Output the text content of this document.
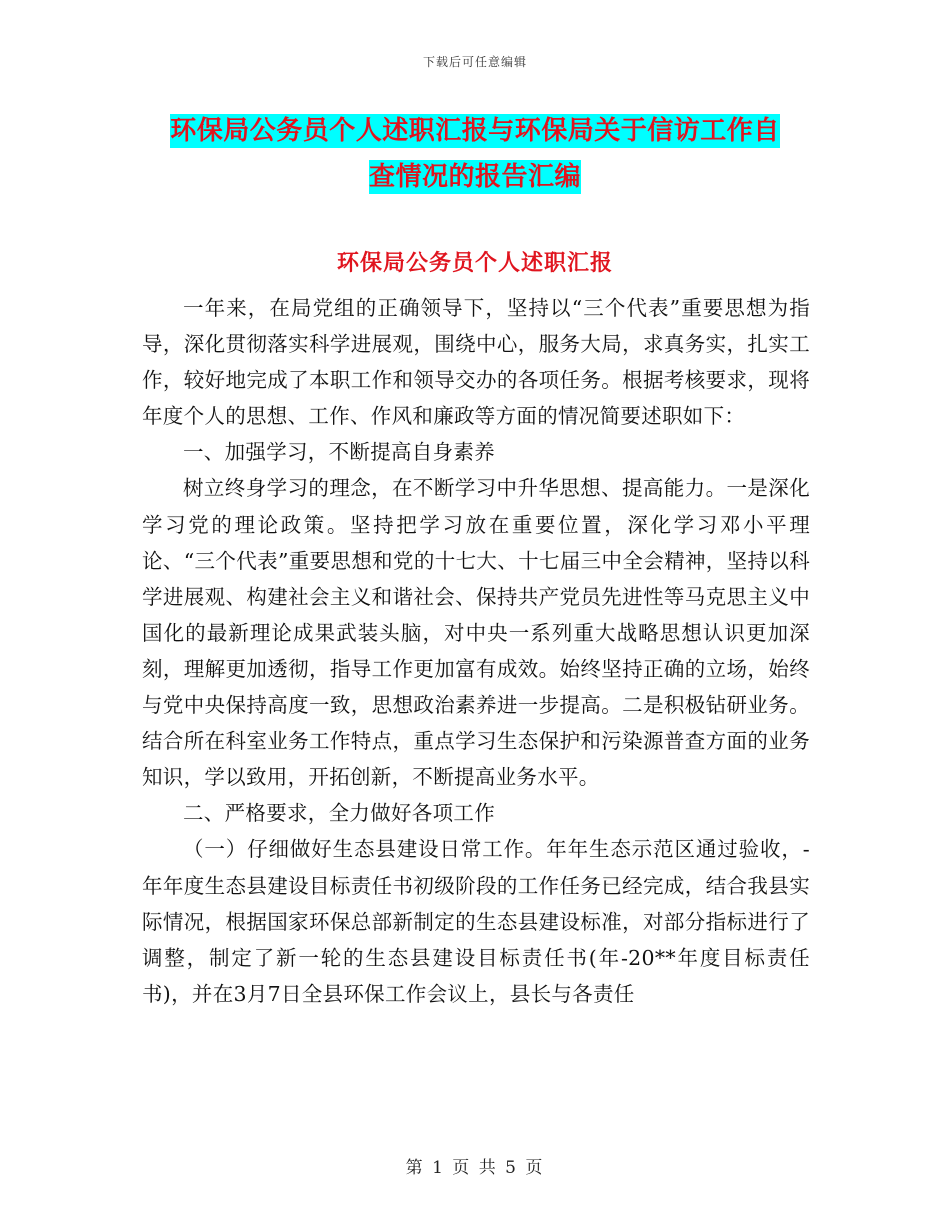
下载后可任意编辑
环保局公务员个人述职汇报与环保局关于信访工作自
查情况的报告汇编
环保局公务员个人述职汇报

一年来，在局党组的正确领导下，坚持以“三个代表”重要思想为指导，深化贯彻落实科学进展观，围绕中心，服务大局，求真务实，扎实工作，较好地完成了本职工作和领导交办的各项任务。根据考核要求，现将年度个人的思想、工作、作风和廉政等方面的情况简要述职如下：

一、加强学习，不断提高自身素养

树立终身学习的理念，在不断学习中升华思想、提高能力。一是深化学习党的理论政策。坚持把学习放在重要位置，深化学习邓小平理论、“三个代表”重要思想和党的十七大、十七届三中全会精神，坚持以科学进展观、构建社会主义和谐社会、保持共产党员先进性等马克思主义中国化的最新理论成果武装头脑，对中央一系列重大战略思想认识更加深刻，理解更加透彻，指导工作更加富有成效。始终坚持正确的立场，始终与党中央保持高度一致，思想政治素养进一步提高。二是积极钻研业务。结合所在科室业务工作特点，重点学习生态保护和污染源普查方面的业务知识，学以致用，开拓创新，不断提高业务水平。

二、严格要求，全力做好各项工作

（一）仔细做好生态县建设日常工作。年年生态示范区通过验收，-年年度生态县建设目标责任书初级阶段的工作任务已经完成，结合我县实际情况，根据国家环保总部新制定的生态县建设标准，对部分指标进行了调整，制定了新一轮的生态县建设目标责任书(年-20**年度目标责任书)，并在3月7日全县环保工作会议上，县长与各责任

第 1 页 共 5 页
